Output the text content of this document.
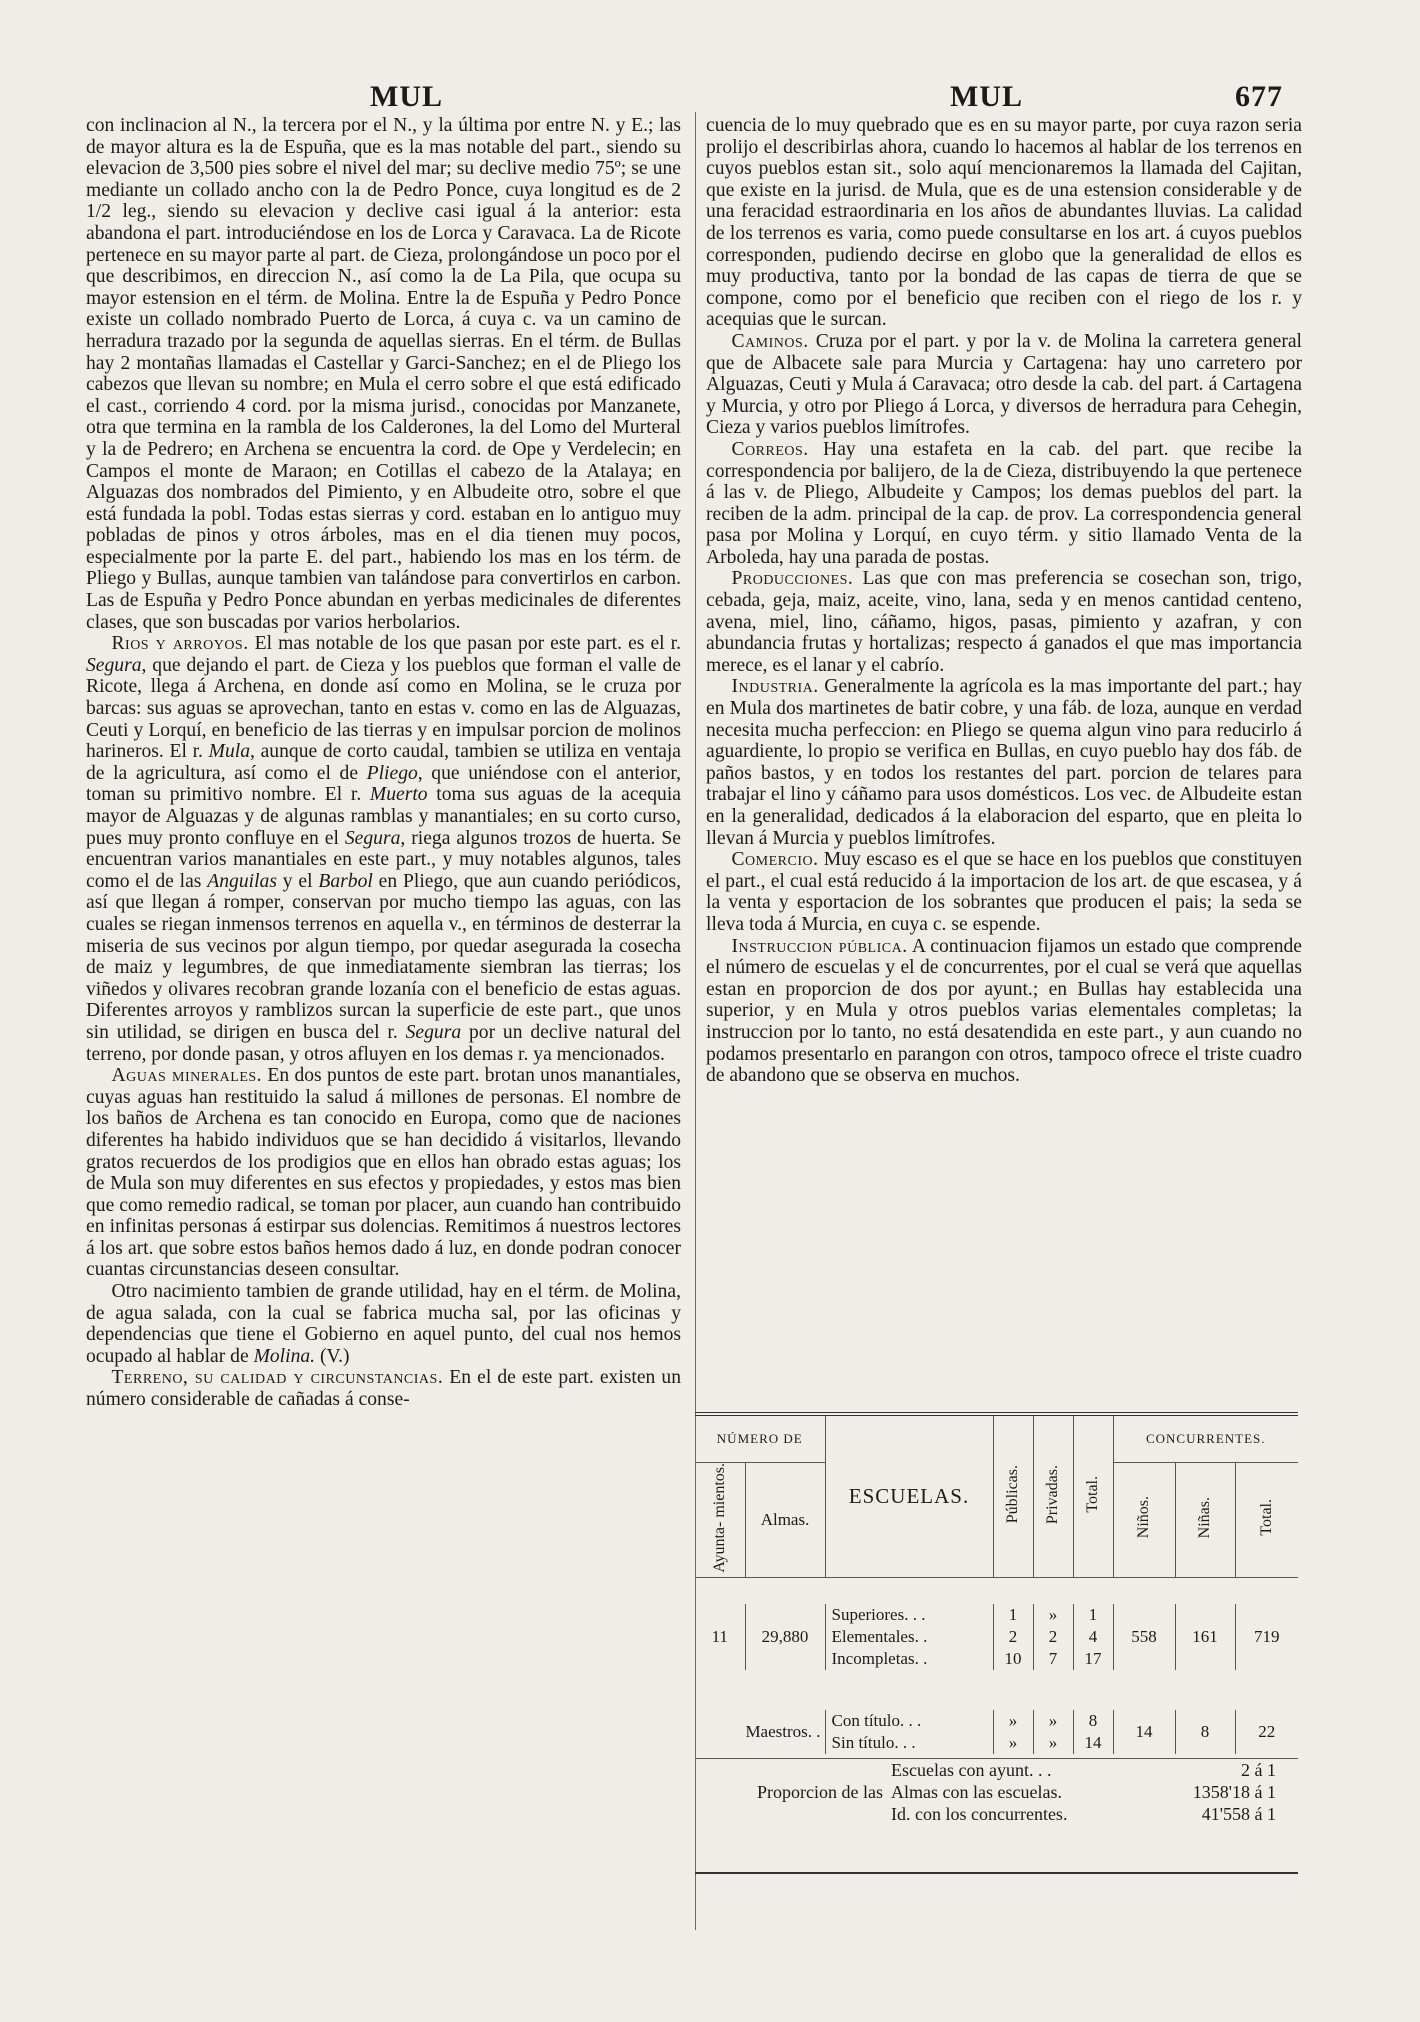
MUL	MUL	677

con inclinacion al N., la tercera por el N., y la última por entre N. y E.; las de mayor altura es la de Espuña, que es la mas notable del part., siendo su elevacion de 3,500 pies sobre el nivel del mar; su declive medio 75º; se une mediante un collado ancho con la de Pedro Ponce, cuya longitud es de 2 1/2 leg., siendo su elevacion y declive casi igual á la anterior: esta abandona el part. introduciéndose en los de Lorca y Caravaca. La de Ricote pertenece en su mayor parte al part. de Cieza, prolongándose un poco por el que describimos, en direccion N., así como la de La Pila, que ocupa su mayor estension en el térm. de Molina. Entre la de Espuña y Pedro Ponce existe un collado nombrado Puerto de Lorca, á cuya c. va un camino de herradura trazado por la segunda de aquellas sierras. En el térm. de Bullas hay 2 montañas llamadas el Castellar y Garci-Sanchez; en el de Pliego los cabezos que llevan su nombre; en Mula el cerro sobre el que está edificado el cast., corriendo 4 cord. por la misma jurisd., conocidas por Manzanete, otra que termina en la rambla de los Calderones, la del Lomo del Murteral y la de Pedrero; en Archena se encuentra la cord. de Ope y Verdelecin; en Campos el monte de Maraon; en Cotillas el cabezo de la Atalaya; en Alguazas dos nombrados del Pimiento, y en Albudeite otro, sobre el que está fundada la pobl. Todas estas sierras y cord. estaban en lo antiguo muy pobladas de pinos y otros árboles, mas en el dia tienen muy pocos, especialmente por la parte E. del part., habiendo los mas en los térm. de Pliego y Bullas, aunque tambien van talándose para convertirlos en carbon. Las de Espuña y Pedro Ponce abundan en yerbas medicinales de diferentes clases, que son buscadas por varios herbolarios.

Rios y arroyos. El mas notable de los que pasan por este part. es el r. Segura, que dejando el part. de Cieza y los pueblos que forman el valle de Ricote, llega á Archena, en donde así como en Molina, se le cruza por barcas: sus aguas se aprovechan, tanto en estas v. como en las de Alguazas, Ceuti y Lorquí, en beneficio de las tierras y en impulsar porcion de molinos harineros. El r. Mula, aunque de corto caudal, tambien se utiliza en ventaja de la agricultura, así como el de Pliego, que uniéndose con el anterior, toman su primitivo nombre. El r. Muerto toma sus aguas de la acequia mayor de Alguazas y de algunas ramblas y manantiales; en su corto curso, pues muy pronto confluye en el Segura, riega algunos trozos de huerta. Se encuentran varios manantiales en este part., y muy notables algunos, tales como el de las Anguilas y el Barbol en Pliego, que aun cuando periódicos, así que llegan á romper, conservan por mucho tiempo las aguas, con las cuales se riegan inmensos terrenos en aquella v., en términos de desterrar la miseria de sus vecinos por algun tiempo, por quedar asegurada la cosecha de maiz y legumbres, de que inmediatamente siembran las tierras; los viñedos y olivares recobran grande lozanía con el beneficio de estas aguas. Diferentes arroyos y ramblizos surcan la superficie de este part., que unos sin utilidad, se dirigen en busca del r. Segura por un declive natural del terreno, por donde pasan, y otros afluyen en los demas r. ya mencionados.

Aguas minerales. En dos puntos de este part. brotan unos manantiales, cuyas aguas han restituido la salud á millones de personas. El nombre de los baños de Archena es tan conocido en Europa, como que de naciones diferentes ha habido individuos que se han decidido á visitarlos, llevando gratos recuerdos de los prodigios que en ellos han obrado estas aguas; los de Mula son muy diferentes en sus efectos y propiedades, y estos mas bien que como remedio radical, se toman por placer, aun cuando han contribuido en infinitas personas á estirpar sus dolencias. Remitimos á nuestros lectores á los art. que sobre estos baños hemos dado á luz, en donde podran conocer cuantas circunstancias deseen consultar.

Otro nacimiento tambien de grande utilidad, hay en el térm. de Molina, de agua salada, con la cual se fabrica mucha sal, por las oficinas y dependencias que tiene el Gobierno en aquel punto, del cual nos hemos ocupado al hablar de Molina. (V.)

Terreno, su calidad y circunstancias. En el de este part. existen un número considerable de cañadas á conse-

cuencia de lo muy quebrado que es en su mayor parte, por cuya razon seria prolijo el describirlas ahora, cuando lo hacemos al hablar de los terrenos en cuyos pueblos estan sit., solo aquí mencionaremos la llamada del Cajitan, que existe en la jurisd. de Mula, que es de una estension considerable y de una feracidad estraordinaria en los años de abundantes lluvias. La calidad de los terrenos es varia, como puede consultarse en los art. á cuyos pueblos corresponden, pudiendo decirse en globo que la generalidad de ellos es muy productiva, tanto por la bondad de las capas de tierra de que se compone, como por el beneficio que reciben con el riego de los r. y acequias que le surcan.

Caminos. Cruza por el part. y por la v. de Molina la carretera general que de Albacete sale para Murcia y Cartagena: hay uno carretero por Alguazas, Ceuti y Mula á Caravaca; otro desde la cab. del part. á Cartagena y Murcia, y otro por Pliego á Lorca, y diversos de herradura para Cehegin, Cieza y varios pueblos limítrofes.

Correos. Hay una estafeta en la cab. del part. que recibe la correspondencia por balijero, de la de Cieza, distribuyendo la que pertenece á las v. de Pliego, Albudeite y Campos; los demas pueblos del part. la reciben de la adm. principal de la cap. de prov. La correspondencia general pasa por Molina y Lorquí, en cuyo térm. y sitio llamado Venta de la Arboleda, hay una parada de postas.

Producciones. Las que con mas preferencia se cosechan son, trigo, cebada, geja, maiz, aceite, vino, lana, seda y en menos cantidad centeno, avena, miel, lino, cáñamo, higos, pasas, pimiento y azafran, y con abundancia frutas y hortalizas; respecto á ganados el que mas importancia merece, es el lanar y el cabrío.

Industria. Generalmente la agrícola es la mas importante del part.; hay en Mula dos martinetes de batir cobre, y una fáb. de loza, aunque en verdad necesita mucha perfeccion: en Pliego se quema algun vino para reducirlo á aguardiente, lo propio se verifica en Bullas, en cuyo pueblo hay dos fáb. de paños bastos, y en todos los restantes del part. porcion de telares para trabajar el lino y cáñamo para usos domésticos. Los vec. de Albudeite estan en la generalidad, dedicados á la elaboracion del esparto, que en pleita lo llevan á Murcia y pueblos limítrofes.

Comercio. Muy escaso es el que se hace en los pueblos que constituyen el part., el cual está reducido á la importacion de los art. de que escasea, y á la venta y esportacion de los sobrantes que producen el pais; la seda se lleva toda á Murcia, en cuya c. se espende.

Instruccion pública. A continuacion fijamos un estado que comprende el número de escuelas y el de concurrentes, por el cual se verá que aquellas estan en proporcion de dos por ayunt.; en Bullas hay establecida una superior, y en Mula y otros pueblos varias elementales completas; la instruccion por lo tanto, no está desatendida en este part., y aun cuando no podamos presentarlo en parangon con otros, tampoco ofrece el triste cuadro de abandono que se observa en muchos.

NÚMERO DE		ESCUELAS.	Públicas.	Privadas.	Total.	CONCURRENTES.		
Ayunta- mientos.	Almas.					Niños.	Niñas.	Total.

11	29,880	Superiores. . .	1	»	1	558	161	719
		Elementales. .	2	2	4			
		Incompletas. .	10	7	17			

Maestros. .		Con título. . .	»	»	8	14	8	22
		Sin título. . .	»	»	14			
Proporcion de las	Escuelas con ayunt. . .	2 á 1
	Almas con las escuelas.	1358'18 á 1
	Id. con los concurrentes.	41'558 á 1
